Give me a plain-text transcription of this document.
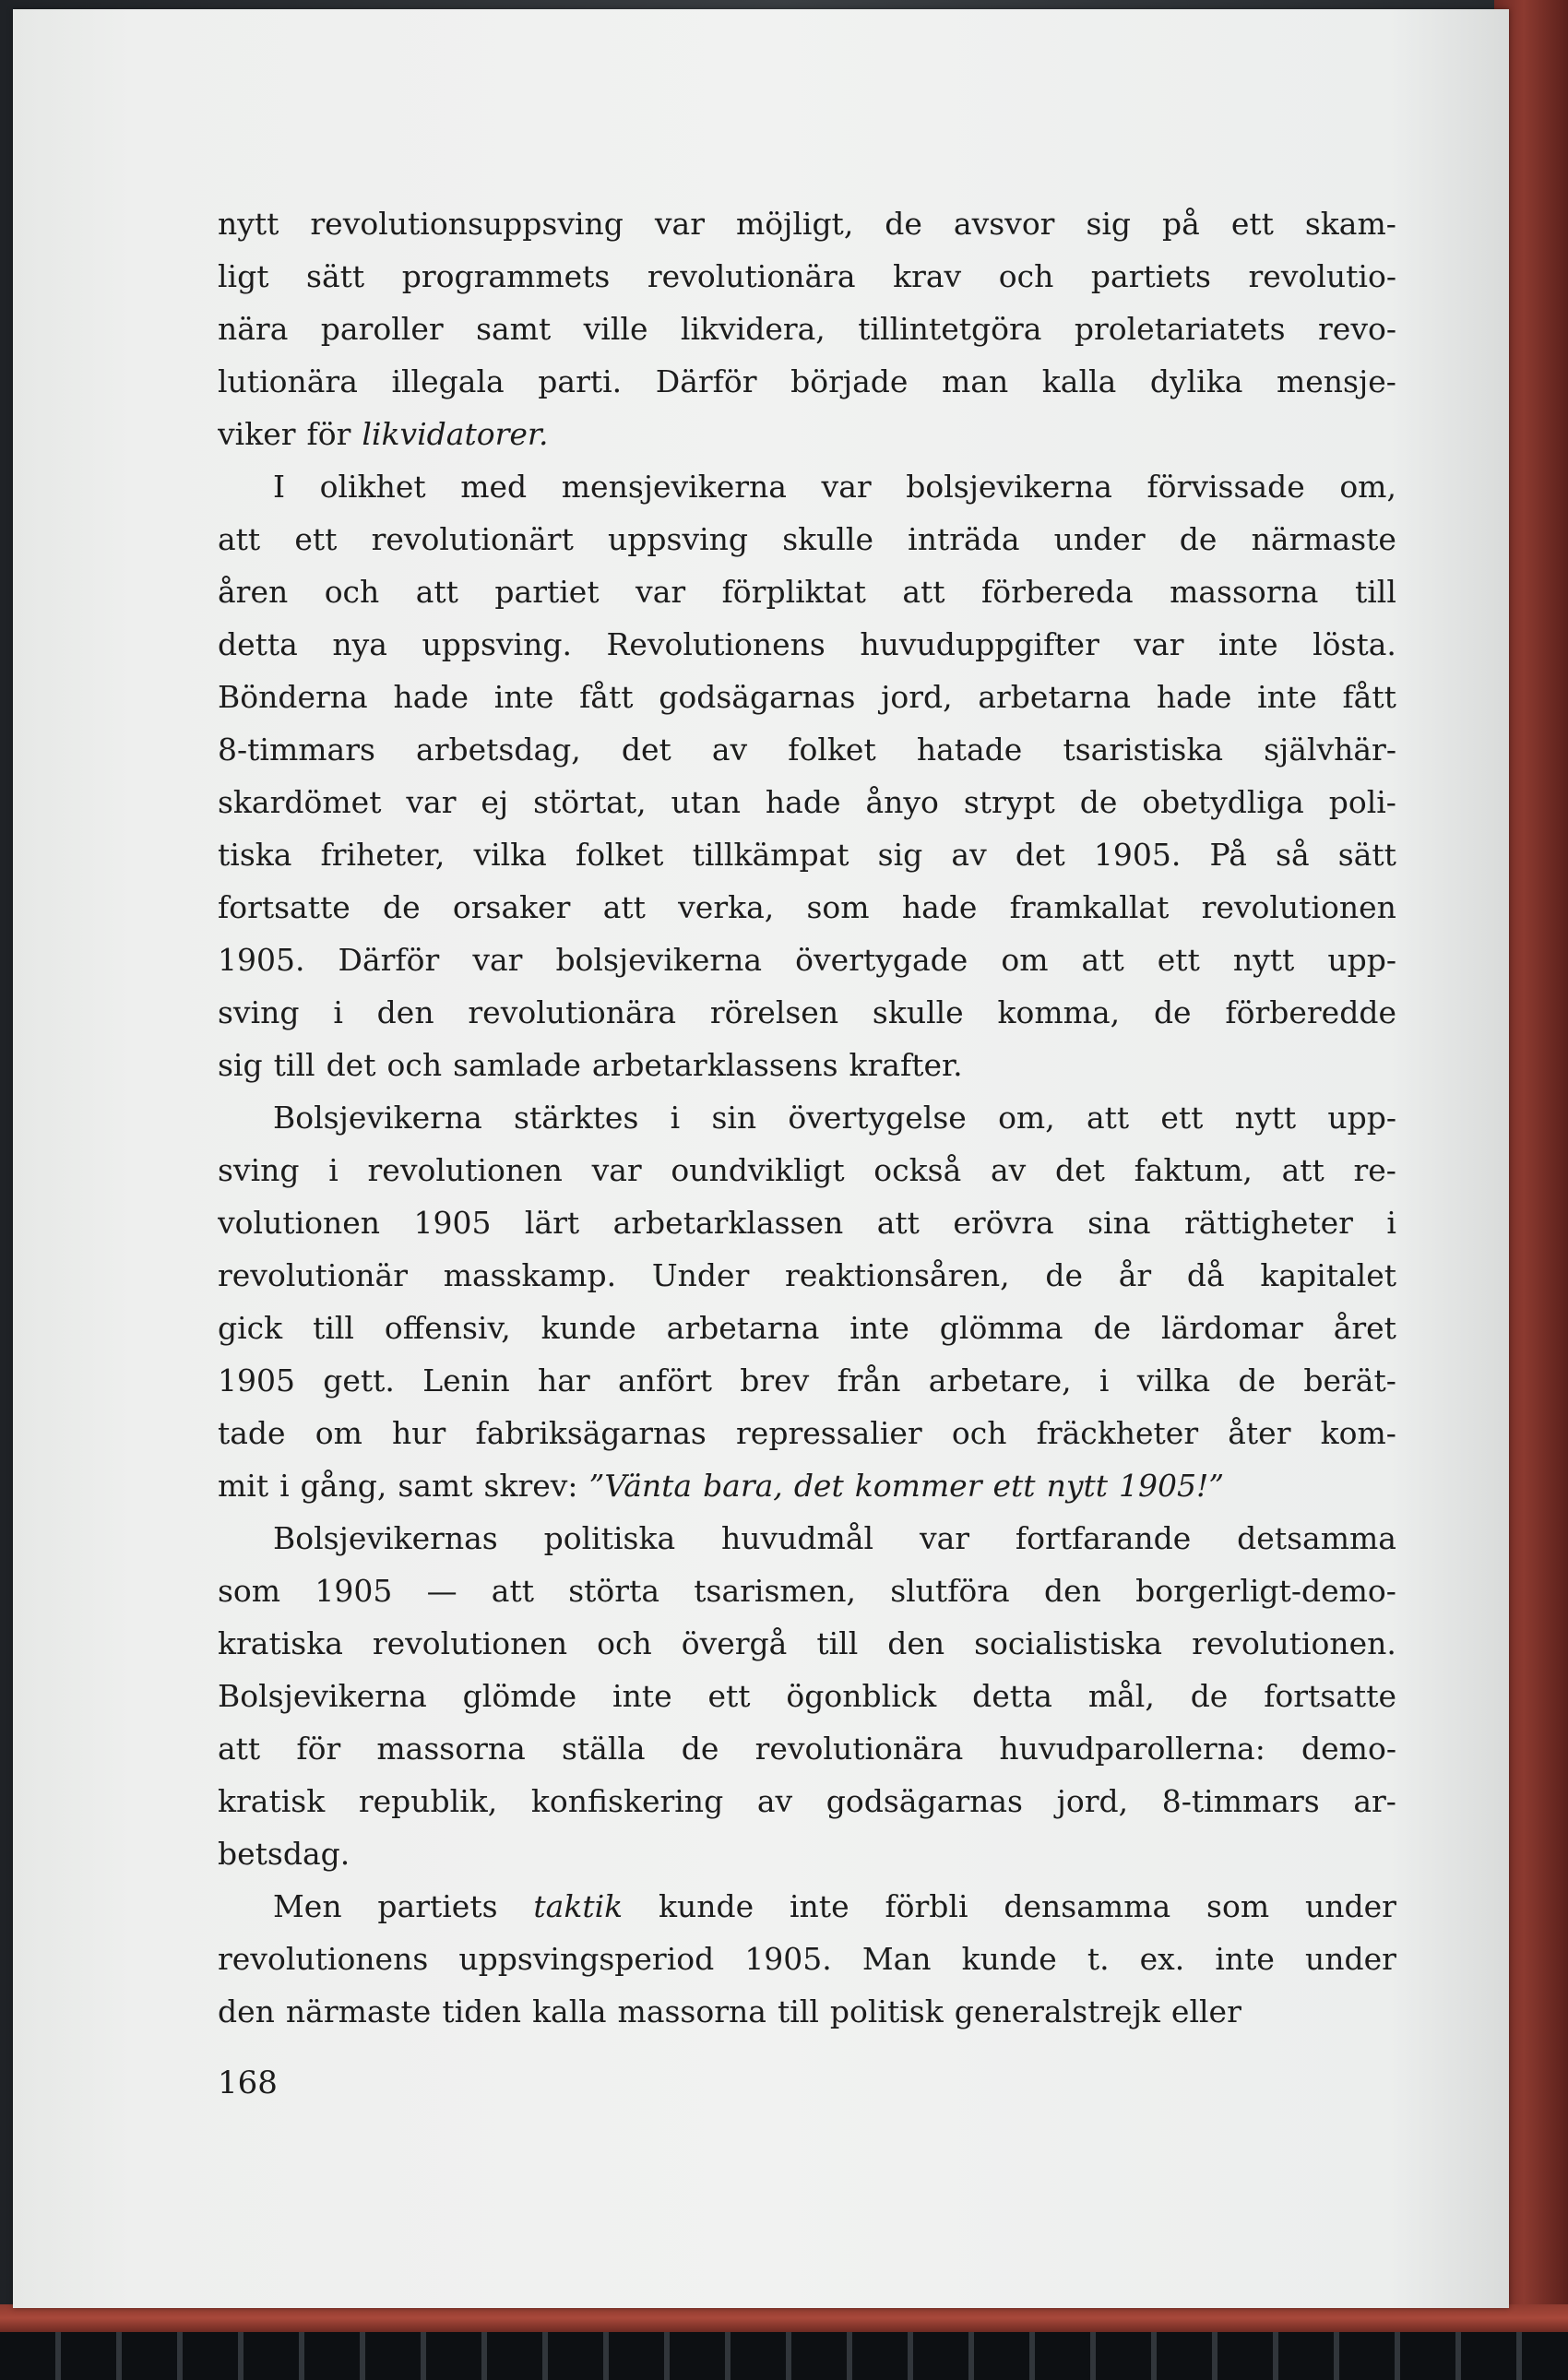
nytt revolutionsuppsving var möjligt, de avsvor sig på ett skam-
ligt sätt programmets revolutionära krav och partiets revolutio-
nära paroller samt ville likvidera, tillintetgöra proletariatets revo-
lutionära illegala parti. Därför började man kalla dylika mensje-
viker för likvidatorer.
I olikhet med mensjevikerna var bolsjevikerna förvissade om,
att ett revolutionärt uppsving skulle inträda under de närmaste
åren och att partiet var förpliktat att förbereda massorna till
detta nya uppsving. Revolutionens huvuduppgifter var inte lösta.
Bönderna hade inte fått godsägarnas jord, arbetarna hade inte fått
8-timmars arbetsdag, det av folket hatade tsaristiska självhär-
skardömet var ej störtat, utan hade ånyo strypt de obetydliga poli-
tiska friheter, vilka folket tillkämpat sig av det 1905. På så sätt
fortsatte de orsaker att verka, som hade framkallat revolutionen
1905. Därför var bolsjevikerna övertygade om att ett nytt upp-
sving i den revolutionära rörelsen skulle komma, de förberedde
sig till det och samlade arbetarklassens krafter.
Bolsjevikerna stärktes i sin övertygelse om, att ett nytt upp-
sving i revolutionen var oundvikligt också av det faktum, att re-
volutionen 1905 lärt arbetarklassen att erövra sina rättigheter i
revolutionär masskamp. Under reaktionsåren, de år då kapitalet
gick till offensiv, kunde arbetarna inte glömma de lärdomar året
1905 gett. Lenin har anfört brev från arbetare, i vilka de berät-
tade om hur fabriksägarnas repressalier och fräckheter åter kom-
mit i gång, samt skrev: ”Vänta bara, det kommer ett nytt 1905!”
Bolsjevikernas politiska huvudmål var fortfarande detsamma
som 1905 — att störta tsarismen, slutföra den borgerligt-demo-
kratiska revolutionen och övergå till den socialistiska revolutionen.
Bolsjevikerna glömde inte ett ögonblick detta mål, de fortsatte
att för massorna ställa de revolutionära huvudparollerna: demo-
kratisk republik, konfiskering av godsägarnas jord, 8-timmars ar-
betsdag.
Men partiets taktik kunde inte förbli densamma som under
revolutionens uppsvingsperiod 1905. Man kunde t. ex. inte under
den närmaste tiden kalla massorna till politisk generalstrejk eller
168
